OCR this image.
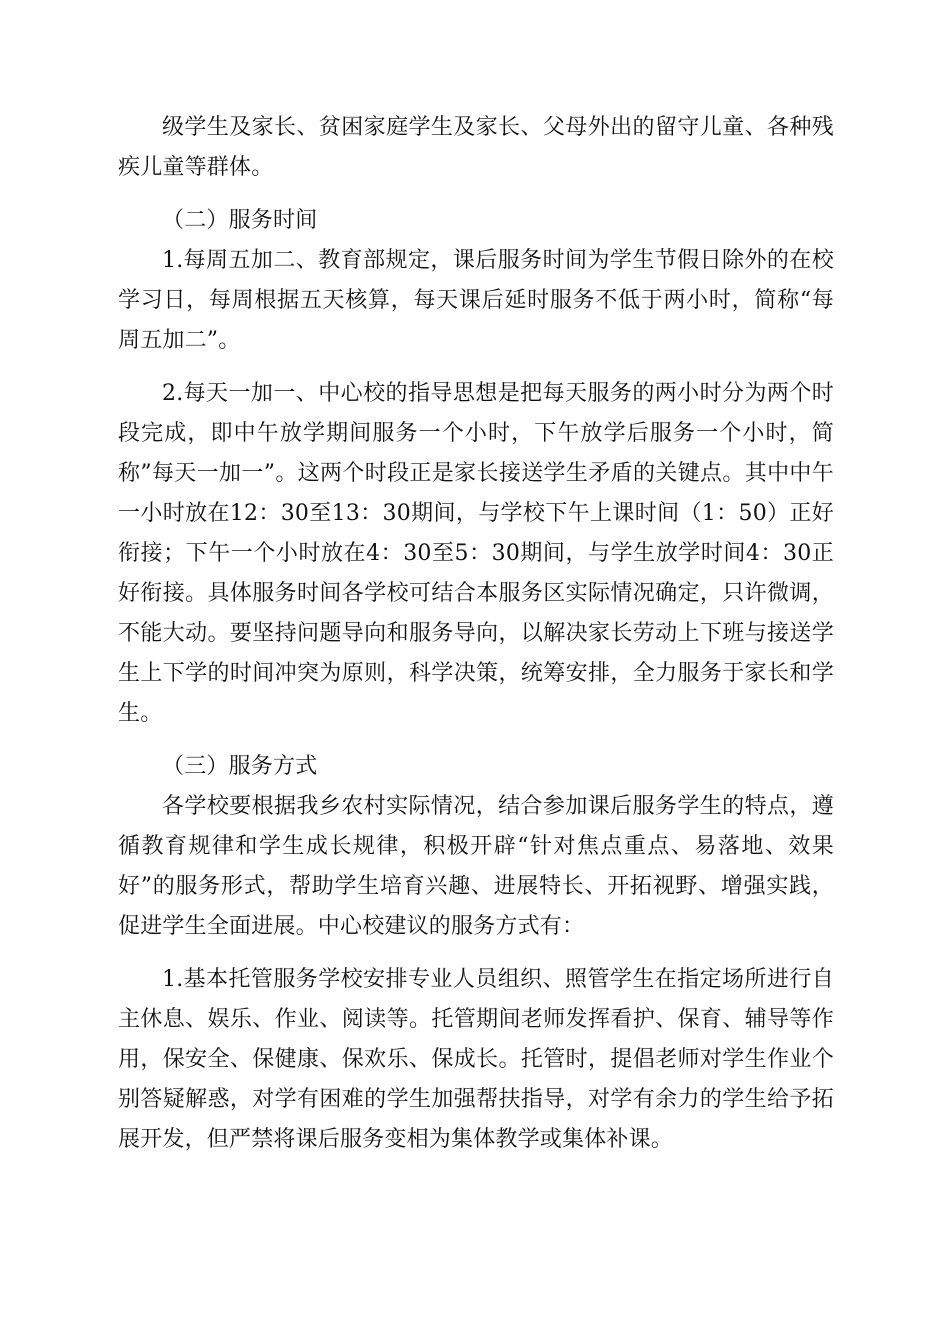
级学生及家长、贫困家庭学生及家长、父母外出的留守儿童、各种残疾儿童等群体。

（二）服务时间

1.每周五加二、教育部规定，课后服务时间为学生节假日除外的在校学习日，每周根据五天核算，每天课后延时服务不低于两小时，简称“每周五加二”。

2.每天一加一、中心校的指导思想是把每天服务的两小时分为两个时段完成，即中午放学期间服务一个小时，下午放学后服务一个小时，简称”每天一加一”。这两个时段正是家长接送学生矛盾的关键点。其中中午一小时放在12：30至13：30期间，与学校下午上课时间（1：50）正好衔接；下午一个小时放在4：30至5：30期间，与学生放学时间4：30正好衔接。具体服务时间各学校可结合本服务区实际情况确定，只许微调，不能大动。要坚持问题导向和服务导向，以解决家长劳动上下班与接送学生上下学的时间冲突为原则，科学决策，统筹安排，全力服务于家长和学生。

（三）服务方式

各学校要根据我乡农村实际情况，结合参加课后服务学生的特点，遵循教育规律和学生成长规律，积极开辟“针对焦点重点、易落地、效果好”的服务形式，帮助学生培育兴趣、进展特长、开拓视野、增强实践，促进学生全面进展。中心校建议的服务方式有：

1.基本托管服务学校安排专业人员组织、照管学生在指定场所进行自主休息、娱乐、作业、阅读等。托管期间老师发挥看护、保育、辅导等作用，保安全、保健康、保欢乐、保成长。托管时，提倡老师对学生作业个别答疑解惑，对学有困难的学生加强帮扶指导，对学有余力的学生给予拓展开发，但严禁将课后服务变相为集体教学或集体补课。
